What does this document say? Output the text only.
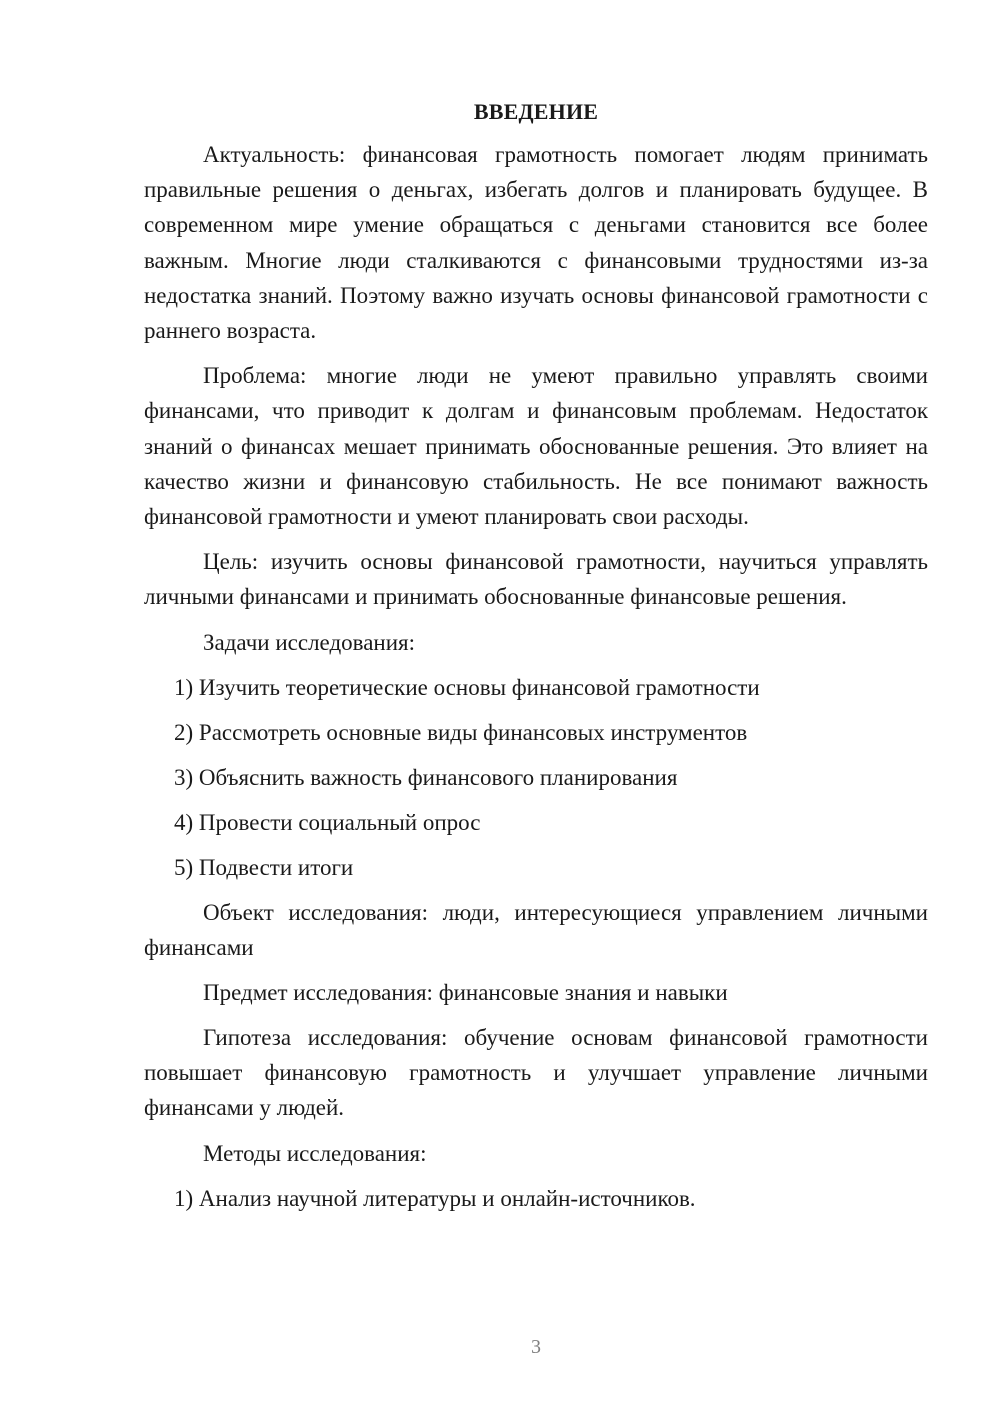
ВВЕДЕНИЕ

Актуальность: финансовая грамотность помогает людям принимать правильные решения о деньгах, избегать долгов и планировать будущее. В современном мире умение обращаться с деньгами становится все более важным. Многие люди сталкиваются с финансовыми трудностями из-за недостатка знаний. Поэтому важно изучать основы финансовой грамотности с раннего возраста.

Проблема: многие люди не умеют правильно управлять своими финансами, что приводит к долгам и финансовым проблемам. Недостаток знаний о финансах мешает принимать обоснованные решения. Это влияет на качество жизни и финансовую стабильность. Не все понимают важность финансовой грамотности и умеют планировать свои расходы.

Цель: изучить основы финансовой грамотности, научиться управлять личными финансами и принимать обоснованные финансовые решения.

Задачи исследования:
1) Изучить теоретические основы финансовой грамотности
2) Рассмотреть основные виды финансовых инструментов
3) Объяснить важность финансового планирования
4) Провести социальный опрос
5) Подвести итоги

Объект исследования: люди, интересующиеся управлением личными финансами

Предмет исследования: финансовые знания и навыки

Гипотеза исследования: обучение основам финансовой грамотности повышает финансовую грамотность и улучшает управление личными финансами у людей.

Методы исследования:
1) Анализ научной литературы и онлайн-источников.
3
